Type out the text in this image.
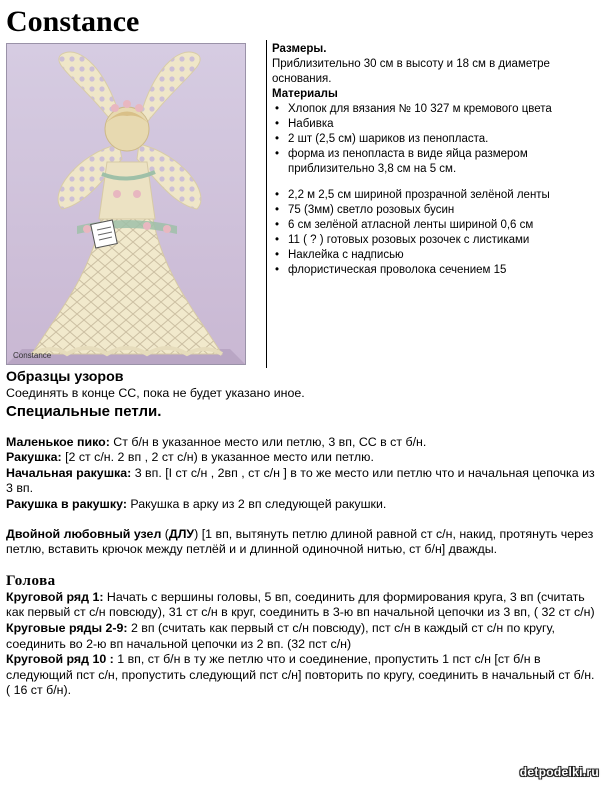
Constance
Constance
Размеры.
Приблизительно 30 см в высоту и 18 см в диаметре основания.
Материалы
• Хлопок для вязания № 10 327 м кремового цвета
• Набивка
• 2 шт (2,5 см) шариков из пенопласта.
• форма из пенопласта в виде яйца размером приблизительно 3,8 см на 5 см.
• 2,2 м 2,5 см шириной прозрачной зелёной ленты
• 75 (3мм) светло розовых бусин
• 6 см зелёной атласной ленты шириной 0,6 см
• 11 ( ? ) готовых розовых розочек с листиками
• Наклейка с надписью
• флористическая проволока сечением 15

Образцы узоров

Соединять в конце СС, пока не будет указано иное.

Специальные петли.

Маленькое пико: Ст б/н в указанное место или петлю, 3 вп, СС в ст б/н.

Ракушка: [2 ст с/н. 2 вп , 2 ст с/н) в указанное место или петлю.

Начальная ракушка: 3 вп. [I ст с/н , 2вп , ст с/н ] в то же место или петлю что и начальная цепочка из 3 вп.

Ракушка в ракушку: Ракушка в арку из 2 вп следующей ракушки.

Двойной любовный узел (ДЛУ) [1 вп, вытянуть петлю длиной равной ст с/н, накид, протянуть через петлю, вставить крючок между петлёй и и длинной одиночной нитью, ст б/н] дважды.

Голова

Круговой ряд 1: Начать с вершины головы, 5 вп, соединить для формирования круга, 3 вп (считать как первый ст с/н повсюду), 31 ст с/н в круг, соединить в 3-ю вп начальной цепочки из 3 вп, ( 32 ст с/н)

Круговые ряды 2-9: 2 вп (считать как первый ст с/н повсюду), пст с/н в каждый ст с/н по кругу, соединить во 2-ю вп начальной цепочки из 2 вп. (32 пст с/н)

Круговой ряд 10 : 1 вп, ст б/н в ту же петлю что и соединение, пропустить 1 пст с/н [ст б/н в следующий пст с/н, пропустить следующий пст с/н] повторить по кругу, соединить в начальный ст б/н. ( 16 ст б/н).

detpodelki.ru
